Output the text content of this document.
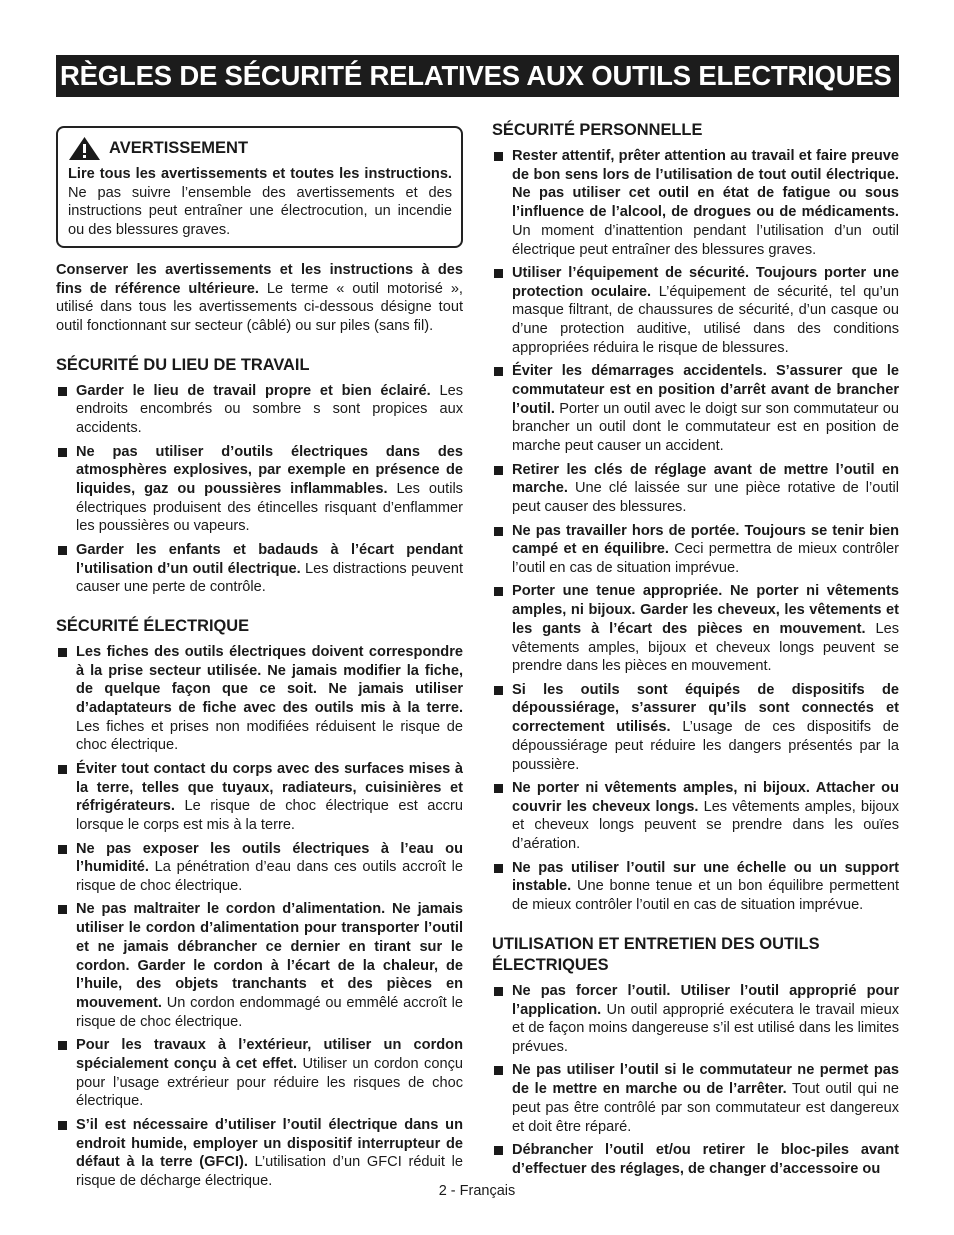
RÈGLES DE SÉCURITÉ RELATIVES AUX OUTILS ELECTRIQUES
AVERTISSEMENT
Lire tous les avertissements et toutes les instructions. Ne pas suivre l’ensemble des avertissements et des instructions peut entraîner une électrocution, un incendie ou des blessures graves.
Conserver les avertissements et les instructions à des fins de référence ultérieure. Le terme « outil motorisé », utilisé dans tous les avertissements ci-dessous désigne tout outil fonctionnant sur secteur (câblé) ou sur piles (sans fil).
SÉCURITÉ DU LIEU DE TRAVAIL
Garder le lieu de travail propre et bien éclairé. Les endroits encombrés ou sombre s sont propices aux accidents.
Ne pas utiliser d’outils électriques dans des atmosphères explosives, par exemple en présence de liquides, gaz ou poussières inflammables. Les outils électriques produisent des étincelles risquant d’enflammer les poussières ou vapeurs.
Garder les enfants et badauds à l’écart pendant l’utilisation d’un outil électrique. Les distractions peuvent causer une perte de contrôle.
SÉCURITÉ ÉLECTRIQUE
Les fiches des outils électriques doivent correspondre à la prise secteur utilisée. Ne jamais modifier la fiche, de quelque façon que ce soit. Ne jamais utiliser d’adaptateurs de fiche avec des outils mis à la terre. Les fiches et prises non modifiées réduisent le risque de choc électrique.
Éviter tout contact du corps avec des surfaces mises à la terre, telles que tuyaux, radiateurs, cuisinières et réfrigérateurs. Le risque de choc électrique est accru lorsque le corps est mis à la terre.
Ne pas exposer les outils électriques à l’eau ou l’humidité. La pénétration d’eau dans ces outils accroît le risque de choc électrique.
Ne pas maltraiter le cordon d’alimentation. Ne jamais utiliser le cordon d’alimentation pour transporter l’outil et ne jamais débrancher ce dernier en tirant sur le cordon. Garder le cordon à l’écart de la chaleur, de l’huile, des objets tranchants et des pièces en mouvement. Un cordon endommagé ou emmêlé accroît le risque de choc électrique.
Pour les travaux à l’extérieur, utiliser un cordon spécialement conçu à cet effet. Utiliser un cordon conçu pour l’usage extrérieur pour réduire les risques de choc électrique.
S’il est nécessaire d’utiliser l’outil électrique dans un endroit humide, employer un dispositif interrupteur de défaut à la terre (GFCI). L’utilisation d’un GFCI réduit le risque de décharge électrique.
SÉCURITÉ PERSONNELLE
Rester attentif, prêter attention au travail et faire preuve de bon sens lors de l’utilisation de tout outil électrique. Ne pas utiliser cet outil en état de fatigue ou sous l’influence de l’alcool, de drogues ou de médicaments. Un moment d’inattention pendant l’utilisation d’un outil électrique peut entraîner des blessures graves.
Utiliser l’équipement de sécurité. Toujours porter une protection oculaire. L’équipement de sécurité, tel qu’un masque filtrant, de chaussures de sécurité, d’un casque ou d’une protection auditive, utilisé dans des conditions appropriées réduira le risque de blessures.
Éviter les démarrages accidentels. S’assurer que le commutateur est en position d’arrêt avant de brancher l’outil. Porter un outil avec le doigt sur son commutateur ou brancher un outil dont le commutateur est en position de marche peut causer un accident.
Retirer les clés de réglage avant de mettre l’outil en marche. Une clé laissée sur une pièce rotative de l’outil peut causer des blessures.
Ne pas travailler hors de portée. Toujours se tenir bien campé et en équilibre. Ceci permettra de mieux contrôler l’outil en cas de situation imprévue.
Porter une tenue appropriée. Ne porter ni vêtements amples, ni bijoux. Garder les cheveux, les vêtements et les gants à l’écart des pièces en mouvement. Les vêtements amples, bijoux et cheveux longs peuvent se prendre dans les pièces en mouvement.
Si les outils sont équipés de dispositifs de dépoussiérage, s’assurer qu’ils sont connectés et correctement utilisés. L’usage de ces dispositifs de dépoussiérage peut réduire les dangers présentés par la poussière.
Ne porter ni vêtements amples, ni bijoux. Attacher ou couvrir les cheveux longs. Les vêtements amples, bijoux et cheveux longs peuvent se prendre dans les ouïes d’aération.
Ne pas utiliser l’outil sur une échelle ou un support instable. Une bonne tenue et un bon équilibre permettent de mieux contrôler l’outil en cas de situation imprévue.
UTILISATION ET ENTRETIEN DES OUTILS ÉLECTRIQUES
Ne pas forcer l’outil. Utiliser l’outil approprié pour l’application. Un outil approprié exécutera le travail mieux et de façon moins dangereuse s’il est utilisé dans les limites prévues.
Ne pas utiliser l’outil si le commutateur ne permet pas de le mettre en marche ou de l’arrêter. Tout outil qui ne peut pas être contrôlé par son commutateur est dangereux et doit être réparé.
Débrancher l’outil et/ou retirer le bloc-piles avant d’effectuer des réglages, de changer d’accessoire ou
2 - Français
